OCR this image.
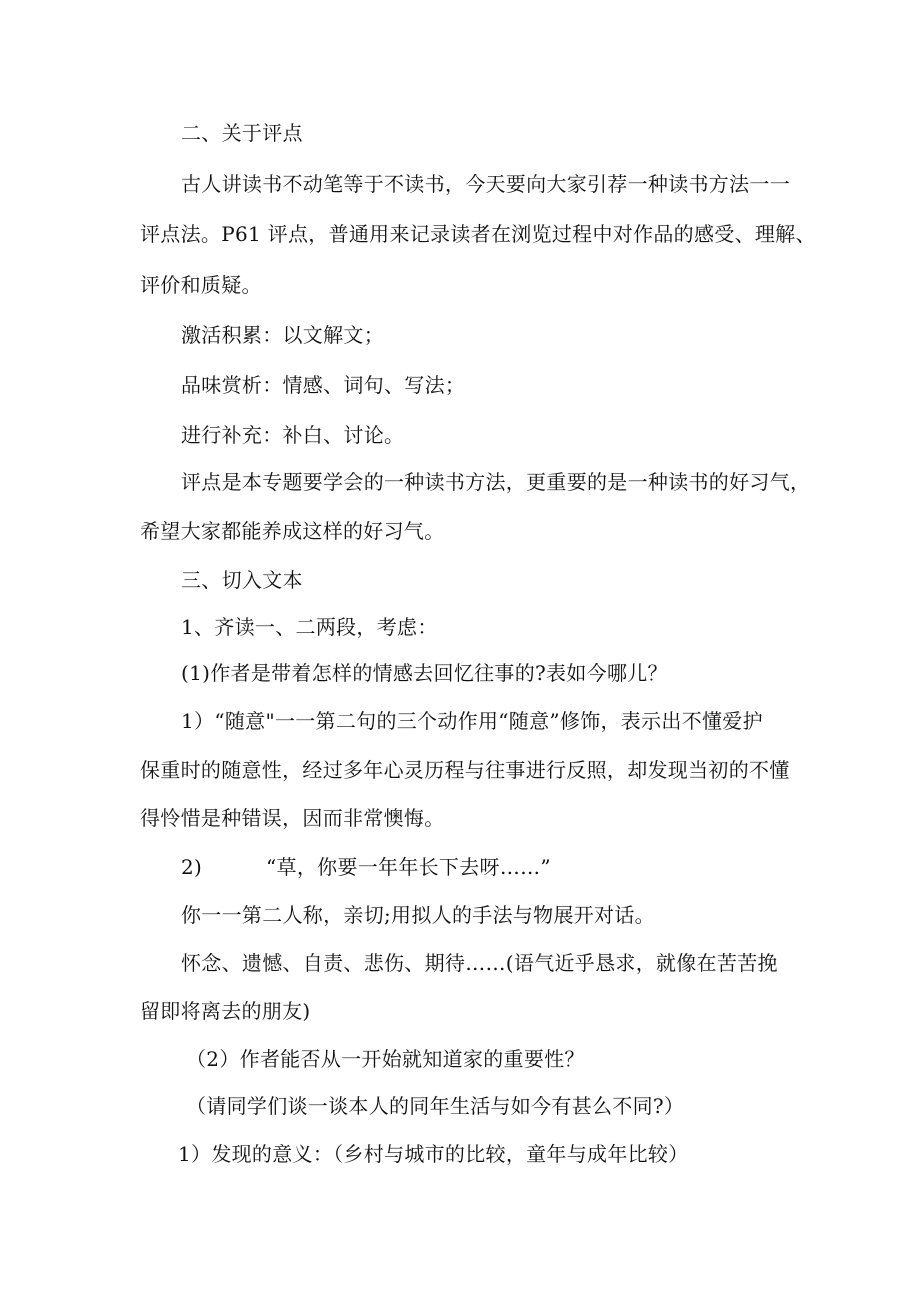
二、关于评点
古人讲读书不动笔等于不读书，今天要向大家引荐一种读书方法一一
评点法。P61 评点，普通用来记录读者在浏览过程中对作品的感受、理解、
评价和质疑。
激活积累：以文解文；
品味赏析：情感、词句、写法；
进行补充：补白、讨论。
评点是本专题要学会的一种读书方法，更重要的是一种读书的好习气，
希望大家都能养成这样的好习气。
三、切入文本
1、齐读一、二两段，考虑：
(1)作者是带着怎样的情感去回忆往事的?表如今哪儿？
1）“随意"一一第二句的三个动作用“随意”修饰，表示出不懂爱护
保重时的随意性，经过多年心灵历程与往事进行反照，却发现当初的不懂
得怜惜是种错误，因而非常懊悔。
2)	“草，你要一年年长下去呀……”
你一一第二人称，亲切;用拟人的手法与物展开对话。
怀念、遗憾、自责、悲伤、期待……(语气近乎恳求，就像在苦苦挽
留即将离去的朋友)
（2）作者能否从一开始就知道家的重要性？
（请同学们谈一谈本人的同年生活与如今有甚么不同?）
1）发现的意义：（乡村与城市的比较，童年与成年比较）
